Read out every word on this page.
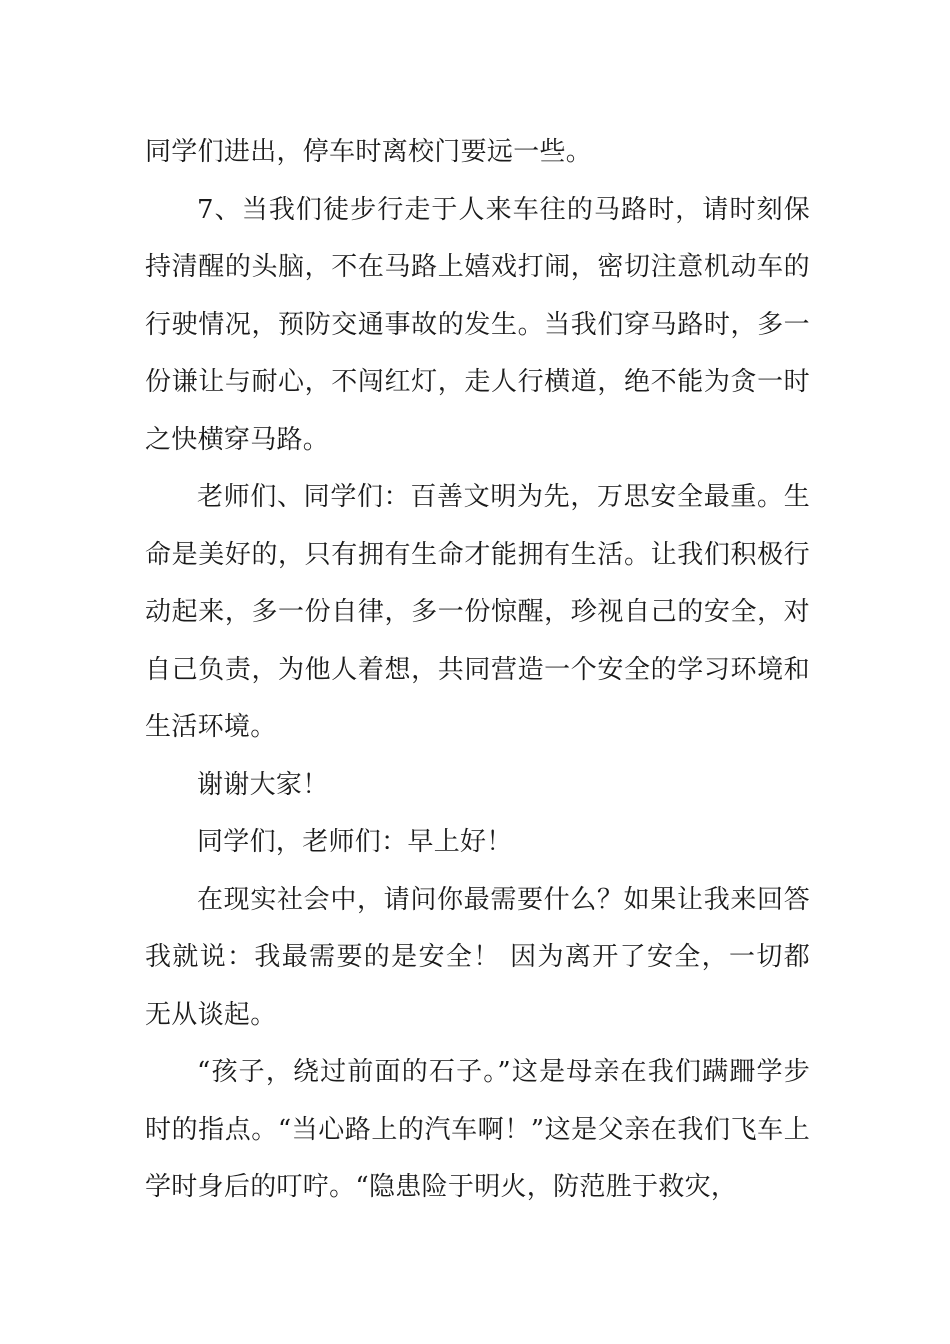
同学们进出，停车时离校门要远一些。

7、当我们徒步行走于人来车往的马路时，请时刻保持清醒的头脑，不在马路上嬉戏打闹，密切注意机动车的行驶情况，预防交通事故的发生。当我们穿马路时，多一份谦让与耐心，不闯红灯，走人行横道，绝不能为贪一时之快横穿马路。

老师们、同学们：百善文明为先，万思安全最重。生命是美好的，只有拥有生命才能拥有生活。让我们积极行动起来，多一份自律，多一份惊醒，珍视自己的安全，对自己负责，为他人着想，共同营造一个安全的学习环境和生活环境。

谢谢大家！

同学们，老师们：早上好！

在现实社会中，请问你最需要什么？如果让我来回答我就说：我最需要的是安全！ 因为离开了安全，一切都无从谈起。

“孩子，绕过前面的石子。”这是母亲在我们蹒跚学步时的指点。“当心路上的汽车啊！”这是父亲在我们飞车上学时身后的叮咛。“隐患险于明火，防范胜于救灾，
